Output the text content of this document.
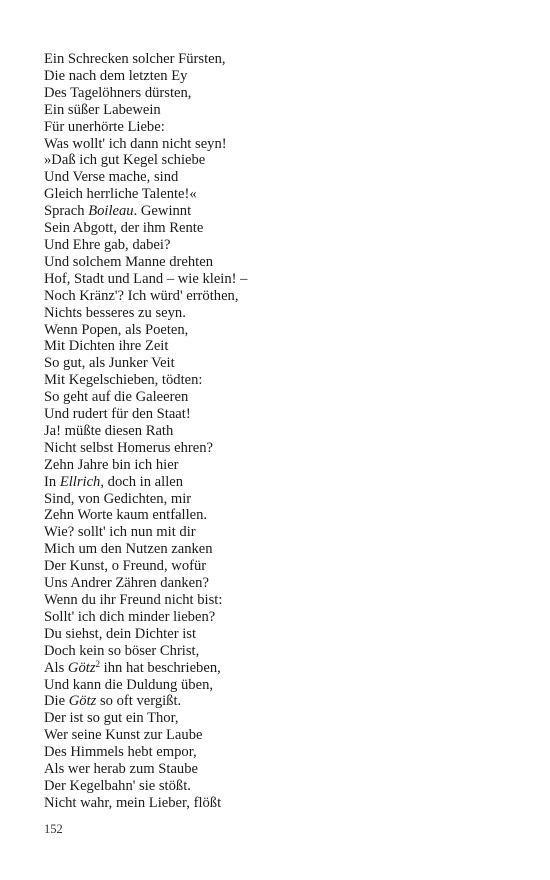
Ein Schrecken solcher Fürsten,
Die nach dem letzten Ey
Des Tagelöhners dürsten,
Ein süßer Labewein
Für unerhörte Liebe:
Was wollt' ich dann nicht seyn!
»Daß ich gut Kegel schiebe
Und Verse mache, sind
Gleich herrliche Talente!«
Sprach Boileau. Gewinnt
Sein Abgott, der ihm Rente
Und Ehre gab, dabei?
Und solchem Manne drehten
Hof, Stadt und Land – wie klein! –
Noch Kränz'? Ich würd' erröthen,
Nichts besseres zu seyn.
Wenn Popen, als Poeten,
Mit Dichten ihre Zeit
So gut, als Junker Veit
Mit Kegelschieben, tödten:
So geht auf die Galeeren
Und rudert für den Staat!
Ja! müßte diesen Rath
Nicht selbst Homerus ehren?
Zehn Jahre bin ich hier
In Ellrich, doch in allen
Sind, von Gedichten, mir
Zehn Worte kaum entfallen.
Wie? sollt' ich nun mit dir
Mich um den Nutzen zanken
Der Kunst, o Freund, wofür
Uns Andrer Zähren danken?
Wenn du ihr Freund nicht bist:
Sollt' ich dich minder lieben?
Du siehst, dein Dichter ist
Doch kein so böser Christ,
Als Götz$^2$ ihn hat beschrieben,
Und kann die Duldung üben,
Die Götz so oft vergißt.
Der ist so gut ein Thor,
Wer seine Kunst zur Laube
Des Himmels hebt empor,
Als wer herab zum Staube
Der Kegelbahn' sie stößt.
Nicht wahr, mein Lieber, flößt
152
